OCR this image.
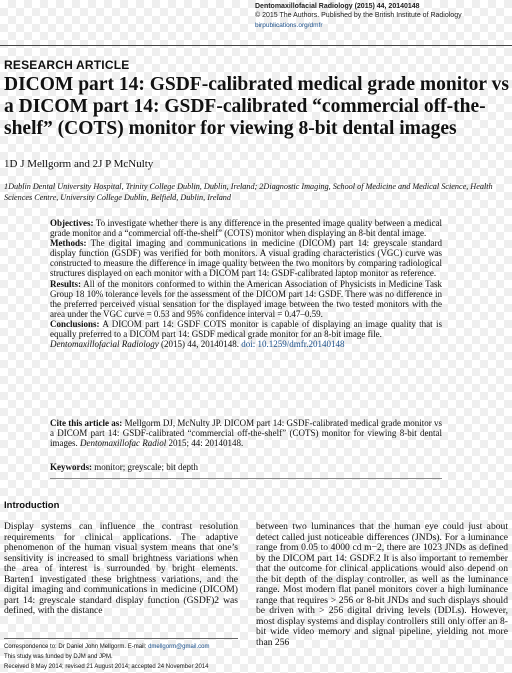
Dentomaxillofacial Radiology (2015) 44, 20140148
© 2015 The Authors. Published by the British Institute of Radiology
birpublications.org/dmfr
RESEARCH ARTICLE
DICOM part 14: GSDF-calibrated medical grade monitor vs a DICOM part 14: GSDF-calibrated “commercial off-the-shelf” (COTS) monitor for viewing 8-bit dental images
1D J Mellgorm and 2J P McNulty
1Dublin Dental University Hospital, Trinity College Dublin, Dublin, Ireland; 2Diagnostic Imaging, School of Medicine and Medical Science, Health Sciences Centre, University College Dublin, Belfield, Dublin, Ireland

Objectives: To investigate whether there is any difference in the presented image quality between a medical grade monitor and a “commercial off-the-shelf” (COTS) monitor when displaying an 8-bit dental image.

Methods: The digital imaging and communications in medicine (DICOM) part 14: greyscale standard display function (GSDF) was verified for both monitors. A visual grading characteristics (VGC) curve was constructed to measure the difference in image quality between the two monitors by comparing radiological structures displayed on each monitor with a DICOM part 14: GSDF-calibrated laptop monitor as reference.

Results: All of the monitors conformed to within the American Association of Physicists in Medicine Task Group 18 10% tolerance levels for the assessment of the DICOM part 14: GSDF. There was no difference in the preferred perceived visual sensation for the displayed image between the two tested monitors with the area under the VGC curve = 0.53 and 95% confidence interval = 0.47–0.59.

Conclusions: A DICOM part 14: GSDF COTS monitor is capable of displaying an image quality that is equally preferred to a DICOM part 14: GSDF medical grade monitor for an 8-bit image file.

Dentomaxillofacial Radiology (2015) 44, 20140148. doi: 10.1259/dmfr.20140148

Cite this article as: Mellgorm DJ, McNulty JP. DICOM part 14: GSDF-calibrated medical grade monitor vs a DICOM part 14: GSDF-calibrated “commercial off-the-shelf” (COTS) monitor for viewing 8-bit dental images. Dentomaxillofac Radiol 2015; 44: 20140148.
Keywords: monitor; greyscale; bit depth
Introduction
Display systems can influence the contrast resolution requirements for clinical applications. The adaptive phenomenon of the human visual system means that one’s sensitivity is increased to small brightness variations when the area of interest is surrounded by bright elements. Barten1 investigated these brightness variations, and the digital imaging and communications in medicine (DICOM) part 14: greyscale standard display function (GSDF)2 was defined, with the distance
between two luminances that the human eye could just about detect called just noticeable differences (JNDs). For a luminance range from 0.05 to 4000 cd m−2, there are 1023 JNDs as defined by the DICOM part 14: GSDF.2 It is also important to remember that the outcome for clinical applications would also depend on the bit depth of the display controller, as well as the luminance range. Most modern flat panel monitors cover a high luminance range that requires > 256 or 8-bit JNDs and such displays should be driven with > 256 digital driving levels (DDLs). However, most display systems and display controllers still only offer an 8-bit wide video memory and signal pipeline, yielding not more than 256
Correspondence to: Dr Daniel John Mellgorm. E-mail: dmellgorm@gmail.com
This study was funded by DJM and JPM.
Received 8 May 2014; revised 21 August 2014; accepted 24 November 2014
